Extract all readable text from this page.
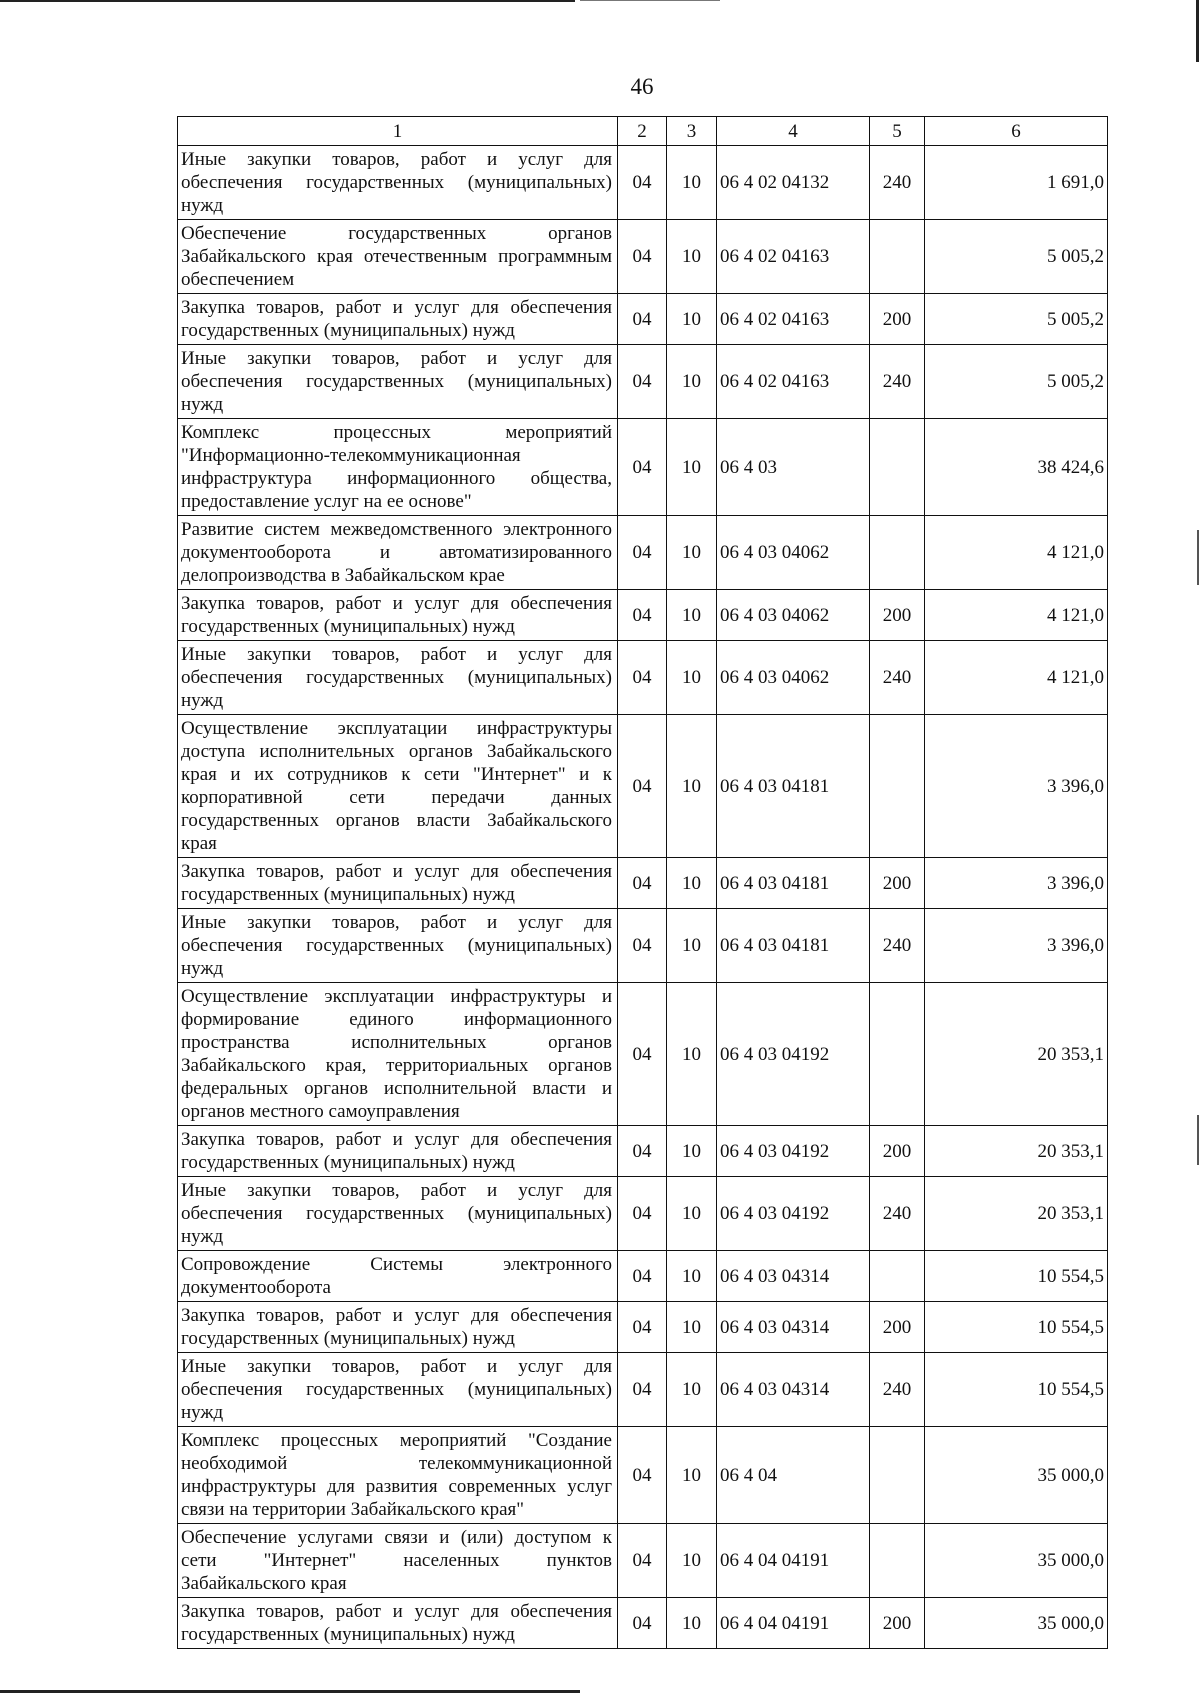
46
1	2	3	4	5	6
Иные закупки товаров, работ и услуг для обеспечения государственных (муниципальных) нужд	04	10	06 4 02 04132	240	1 691,0
Обеспечение государственных органов Забайкальского края отечественным программным обеспечением	04	10	06 4 02 04163		5 005,2
Закупка товаров, работ и услуг для обеспечения государственных (муниципальных) нужд	04	10	06 4 02 04163	200	5 005,2
Иные закупки товаров, работ и услуг для обеспечения государственных (муниципальных) нужд	04	10	06 4 02 04163	240	5 005,2
Комплекс процессных мероприятий "Информационно-телекоммуникационная инфраструктура информационного общества, предоставление услуг на ее основе"	04	10	06 4 03		38 424,6
Развитие систем межведомственного электронного документооборота и автоматизированного делопроизводства в Забайкальском крае	04	10	06 4 03 04062		4 121,0
Закупка товаров, работ и услуг для обеспечения государственных (муниципальных) нужд	04	10	06 4 03 04062	200	4 121,0
Иные закупки товаров, работ и услуг для обеспечения государственных (муниципальных) нужд	04	10	06 4 03 04062	240	4 121,0
Осуществление эксплуатации инфраструктуры доступа исполнительных органов Забайкальского края и их сотрудников к сети "Интернет" и к корпоративной сети передачи данных государственных органов власти Забайкальского края	04	10	06 4 03 04181		3 396,0
Закупка товаров, работ и услуг для обеспечения государственных (муниципальных) нужд	04	10	06 4 03 04181	200	3 396,0
Иные закупки товаров, работ и услуг для обеспечения государственных (муниципальных) нужд	04	10	06 4 03 04181	240	3 396,0
Осуществление эксплуатации инфраструктуры и формирование единого информационного пространства исполнительных органов Забайкальского края, территориальных органов федеральных органов исполнительной власти и органов местного самоуправления	04	10	06 4 03 04192		20 353,1
Закупка товаров, работ и услуг для обеспечения государственных (муниципальных) нужд	04	10	06 4 03 04192	200	20 353,1
Иные закупки товаров, работ и услуг для обеспечения государственных (муниципальных) нужд	04	10	06 4 03 04192	240	20 353,1
Сопровождение Системы электронного документооборота	04	10	06 4 03 04314		10 554,5
Закупка товаров, работ и услуг для обеспечения государственных (муниципальных) нужд	04	10	06 4 03 04314	200	10 554,5
Иные закупки товаров, работ и услуг для обеспечения государственных (муниципальных) нужд	04	10	06 4 03 04314	240	10 554,5
Комплекс процессных мероприятий "Создание необходимой телекоммуникационной инфраструктуры для развития современных услуг связи на территории Забайкальского края"	04	10	06 4 04		35 000,0
Обеспечение услугами связи и (или) доступом к сети "Интернет" населенных пунктов Забайкальского края	04	10	06 4 04 04191		35 000,0
Закупка товаров, работ и услуг для обеспечения государственных (муниципальных) нужд	04	10	06 4 04 04191	200	35 000,0
